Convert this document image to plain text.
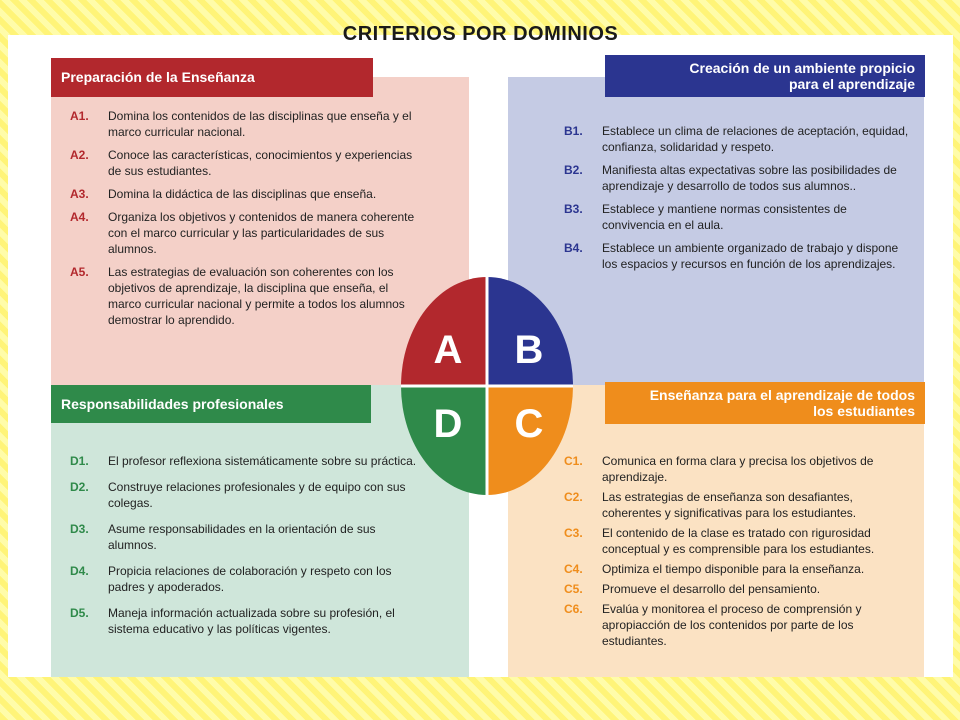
CRITERIOS POR DOMINIOS
Preparación de la Enseñanza
Creación de un ambiente propicio
para el aprendizaje
Responsabilidades profesionales
Enseñanza para el aprendizaje de todos
los estudiantes
A1. Domina los contenidos de las disciplinas que enseña y el marco curricular nacional.
A2. Conoce las características, conocimientos y experiencias de sus estudiantes.
A3. Domina la didáctica de las disciplinas que enseña.
A4. Organiza los objetivos y contenidos de manera coherente con el marco curricular y las particularidades de sus alumnos.
A5. Las estrategias de evaluación son coherentes con los objetivos de aprendizaje, la disciplina que enseña, el marco curricular nacional y permite a todos los alumnos demostrar lo aprendido.
B1. Establece un clima de relaciones de aceptación, equidad, confianza, solidaridad y respeto.
B2. Manifiesta altas expectativas sobre las posibilidades de aprendizaje y desarrollo de todos sus alumnos..
B3. Establece y mantiene normas consistentes de convivencia en el aula.
B4. Establece un ambiente organizado de trabajo y dispone los espacios y recursos en función de los aprendizajes.
D1. El profesor reflexiona sistemáticamente sobre su práctica.
D2. Construye relaciones profesionales y de equipo con sus colegas.
D3. Asume responsabilidades en la orientación de sus alumnos.
D4. Propicia relaciones de colaboración y respeto con los padres y apoderados.
D5. Maneja información actualizada sobre su profesión, el sistema educativo y las políticas vigentes.
C1. Comunica en forma clara y precisa los objetivos de aprendizaje.
C2. Las estrategias de enseñanza son desafiantes, coherentes y significativas para los estudiantes.
C3. El contenido de la clase es tratado con rigurosidad conceptual y es comprensible para los estudiantes.
C4. Optimiza el tiempo disponible para la enseñanza.
C5. Promueve el desarrollo del pensamiento.
C6. Evalúa y monitorea el proceso de comprensión y apropiacción de los contenidos por parte de los estudiantes.
A B
D C
